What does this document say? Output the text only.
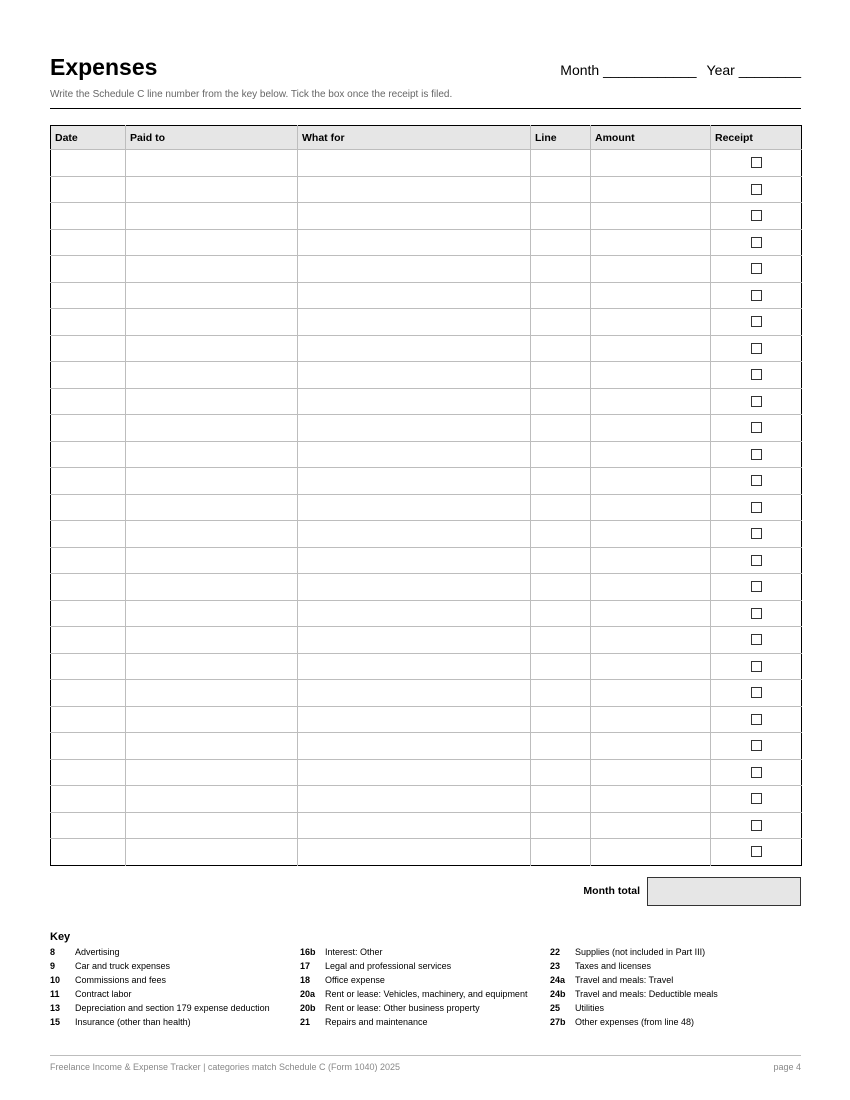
Expenses	Month ____________ Year ________
Write the Schedule C line number from the key below. Tick the box once the receipt is filed.
Date	Paid to	What for	Line	Amount	Receipt

Month total
Key
8 Advertising
9 Car and truck expenses
10 Commissions and fees
11 Contract labor
13 Depreciation and section 179 expense deduction
15 Insurance (other than health)
16b Interest: Other
17 Legal and professional services
18 Office expense
20a Rent or lease: Vehicles, machinery, and equipment
20b Rent or lease: Other business property
21 Repairs and maintenance
22 Supplies (not included in Part III)
23 Taxes and licenses
24a Travel and meals: Travel
24b Travel and meals: Deductible meals
25 Utilities
27b Other expenses (from line 48)
Freelance Income & Expense Tracker | categories match Schedule C (Form 1040) 2025	page 4
